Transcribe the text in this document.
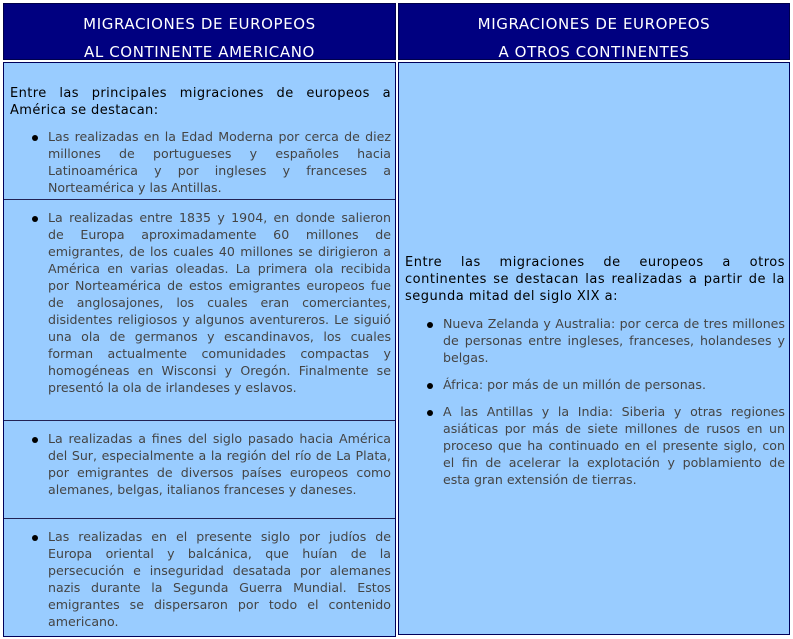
MIGRACIONES DE EUROPEOS
AL CONTINENTE AMERICANO

Entre las principales migraciones de europeos a América se destacan:

Las realizadas en la Edad Moderna por cerca de diez millones de portugueses y españoles hacia Latinoamérica y por ingleses y franceses a Norteamérica y las Antillas.
La realizadas entre 1835 y 1904, en donde salieron de Europa aproximadamente 60 millones de emigrantes, de los cuales 40 millones se dirigieron a América en varias oleadas. La primera ola recibida por Norteamérica de estos emigrantes europeos fue de anglosajones, los cuales eran comerciantes, disidentes religiosos y algunos aventureros. Le siguió una ola de germanos y escandinavos, los cuales forman actualmente comunidades compactas y homogéneas en Wisconsi y Oregón. Finalmente se presentó la ola de irlandeses y eslavos.
La realizadas a fines del siglo pasado hacia América del Sur, especialmente a la región del río de La Plata, por emigrantes de diversos países europeos como alemanes, belgas, italianos franceses y daneses.
Las realizadas en el presente siglo por judíos de Europa oriental y balcánica, que huían de la persecución e inseguridad desatada por alemanes nazis durante la Segunda Guerra Mundial. Estos emigrantes se dispersaron por todo el contenido americano.
MIGRACIONES DE EUROPEOS
A OTROS CONTINENTES

Entre las migraciones de europeos a otros continentes se destacan las realizadas a partir de la segunda mitad del siglo XIX a:

Nueva Zelanda y Australia: por cerca de tres millones de personas entre ingleses, franceses, holandeses y belgas.
África: por más de un millón de personas.
A las Antillas y la India: Siberia y otras regiones asiáticas por más de siete millones de rusos en un proceso que ha continuado en el presente siglo, con el fin de acelerar la explotación y poblamiento de esta gran extensión de tierras.
